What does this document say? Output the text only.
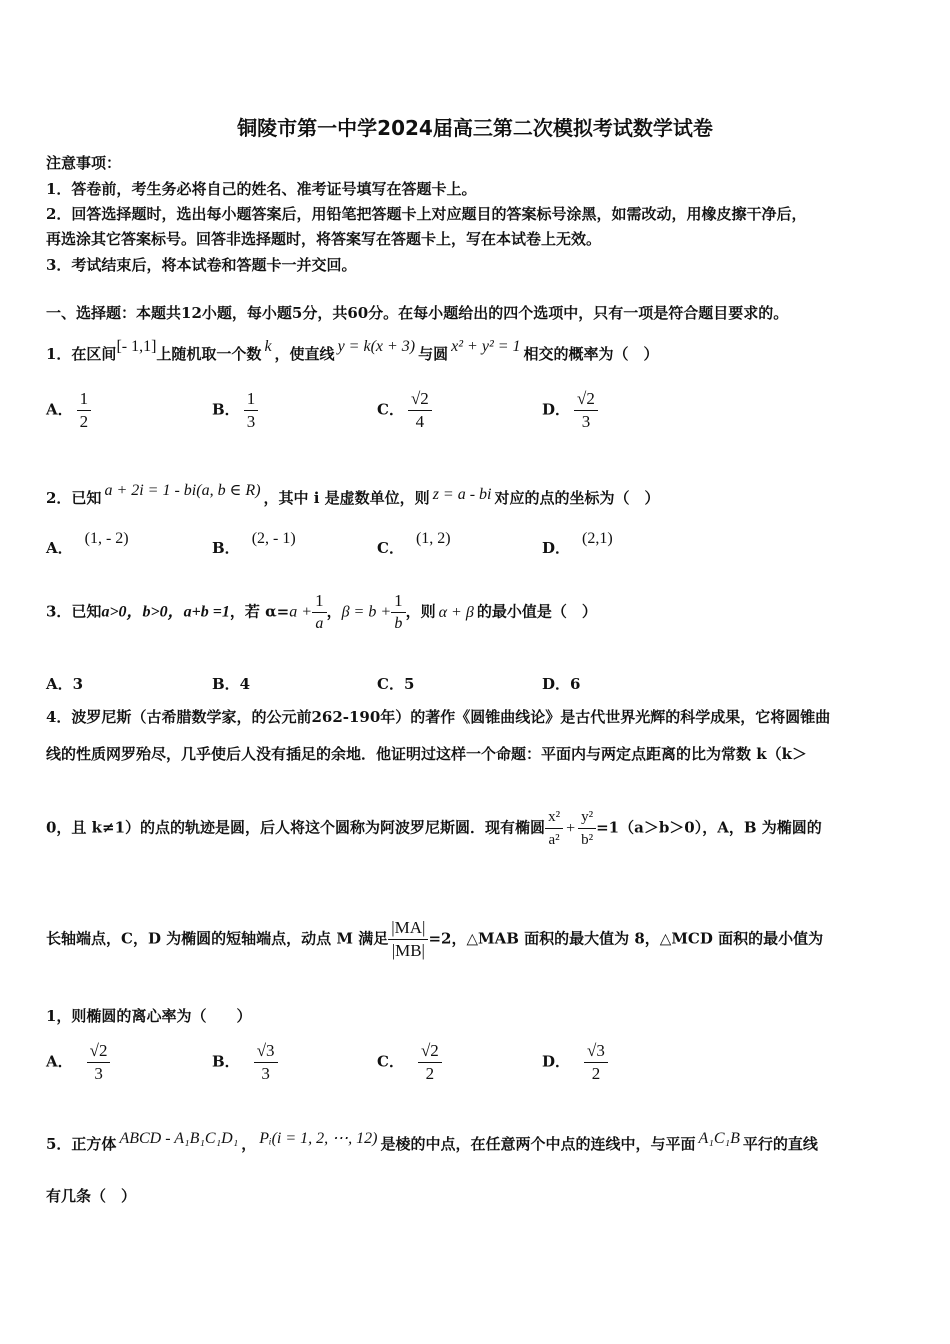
铜陵市第一中学2024届高三第二次模拟考试数学试卷
注意事项：
1．答卷前，考生务必将自己的姓名、准考证号填写在答题卡上。
2．回答选择题时，选出每小题答案后，用铅笔把答题卡上对应题目的答案标号涂黑，如需改动，用橡皮擦干净后，
再选涂其它答案标号。回答非选择题时，将答案写在答题卡上，写在本试卷上无效。
3．考试结束后，将本试卷和答题卡一并交回。
一、选择题：本题共12小题，每小题5分，共60分。在每小题给出的四个选项中，只有一项是符合题目要求的。
1．在区间[- 1,1]上随机取一个数 k ，使直线 y = k(x + 3) 与圆 x² + y² = 1 相交的概率为（　）
A． $\frac{1}{2}$	B． $\frac{1}{3}$	C． $\frac{√2}{4}$	D． $\frac{√2}{3}$
2．已知 a + 2i = 1 - bi(a, b ∈ R) ，其中 i 是虚数单位，则 z = a - bi 对应的点的坐标为（　）
A．(1, - 2)
B．(2, - 1)
C．(1, 2)
D．(2,1)
3．已知a>0，b>0，a+b =1，若 $\alpha=a + \frac{1}{a}$ ，$\beta = b + \frac{1}{b}$ ，则 α + β 的最小值是（　）
A．3	B．4	C．5	D．6
4．波罗尼斯（古希腊数学家，的公元前262-190年）的著作《圆锥曲线论》是古代世界光辉的科学成果，它将圆锥曲
线的性质网罗殆尽，几乎使后人没有插足的余地．他证明过这样一个命题：平面内与两定点距离的比为常数 k（k＞
0，且 k≠1）的点的轨迹是圆，后人将这个圆称为阿波罗尼斯圆．现有椭圆 $\frac{\text{x²}}{\text{a²}} + \frac{\text{y²}}{\text{b²}} =1(a>b>0)$，A，B 为椭圆的
长轴端点，C，D 为椭圆的短轴端点，动点 M 满足 $\frac{|MA|}{|MB|} =2$，△MAB 面积的最大值为 8，△MCD 面积的最小值为
1，则椭圆的离心率为（　　）
A． $\frac{√2}{3}$	B． $\frac{√3}{3}$	C． $\frac{√2}{2}$	D． $\frac{√3}{2}$
5．正方体 ABCD - A₁B₁C₁D₁ ， Pᵢ(i = 1, 2, ⋯, 12) 是棱的中点，在任意两个中点的连线中，与平面 A₁C₁B 平行的直线
有几条（　）
